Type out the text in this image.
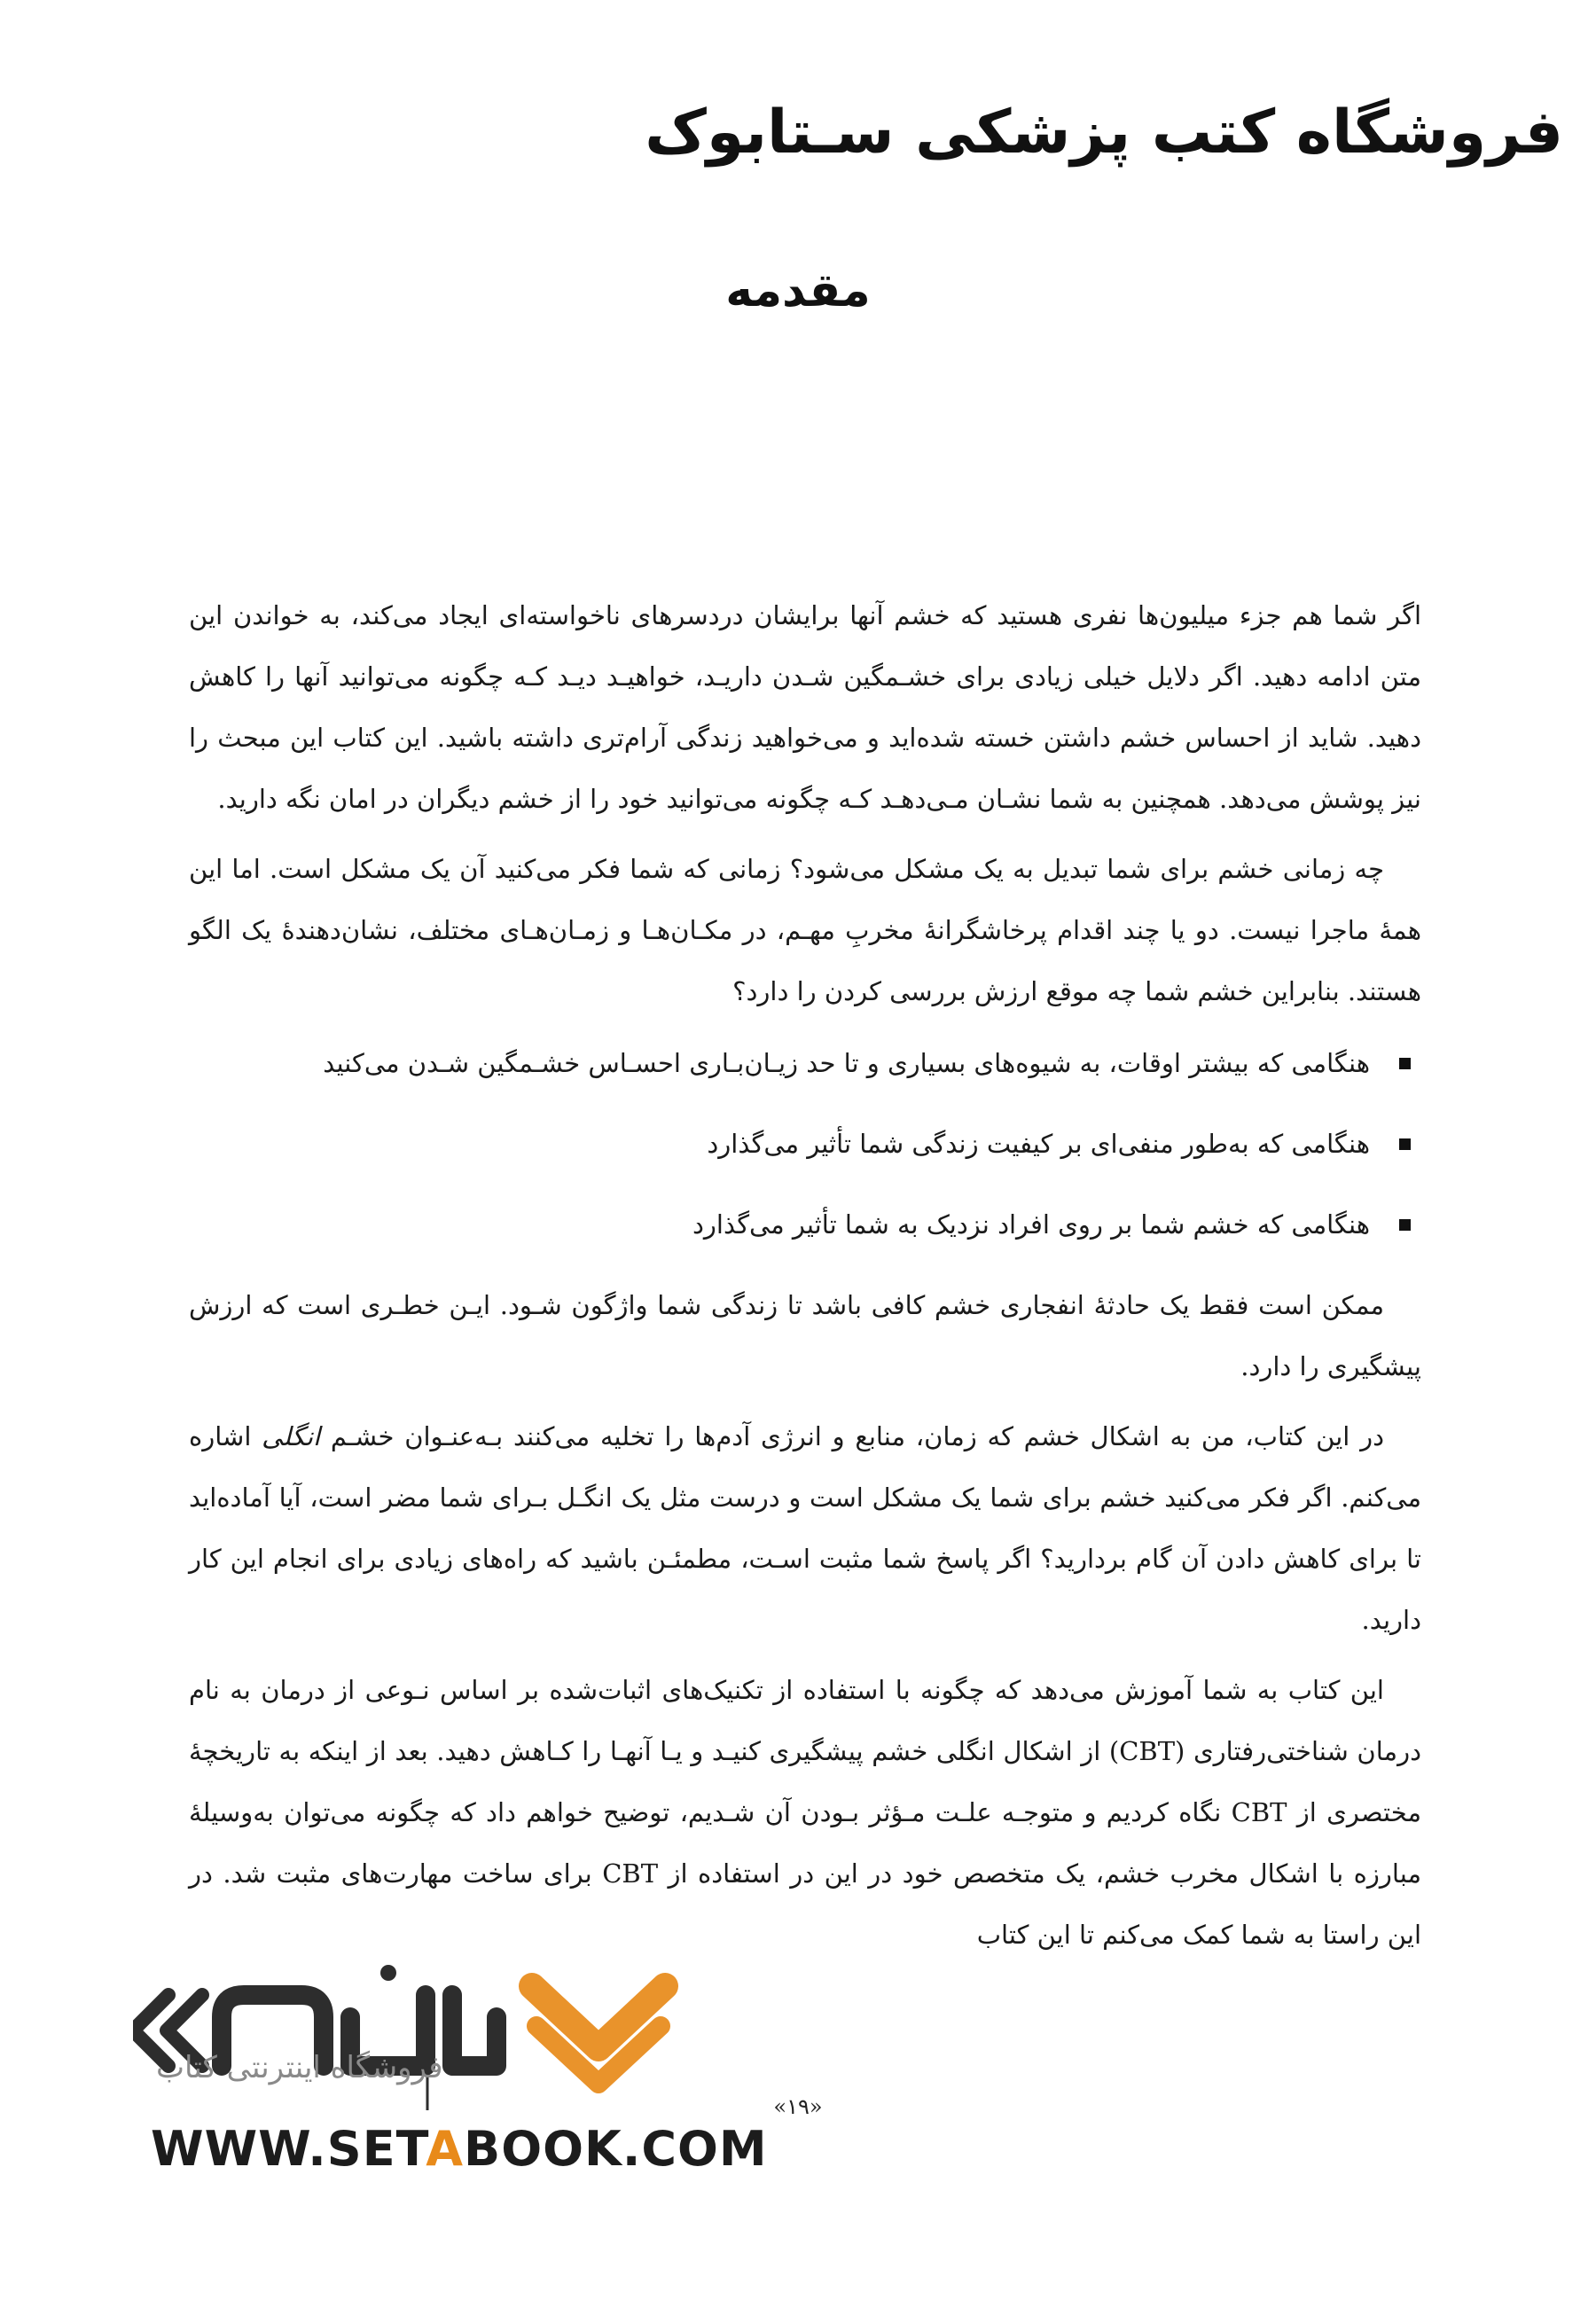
فروشگاه کتب پزشکی سـتابوک
مقدمه

اگر شما هم جزء میلیون‌ها نفری هستید که خشم آنها برایشان دردسرهای ناخواسته‌ای ایجاد می‌کند، به خواندن این متن ادامه دهید. اگر دلایل خیلی زیادی برای خشـمگین شـدن داریـد، خواهیـد دیـد کـه چگونه می‌توانید آنها را کاهش دهید. شاید از احساس خشم داشتن خسته شده‌اید و می‌خواهید زندگی آرام‌تری داشته باشید. این کتاب این مبحث را نیز پوشش می‌دهد. همچنین به شما نشـان مـی‌دهـد کـه چگونه می‌توانید خود را از خشم دیگران در امان نگه دارید.

چه زمانی خشم برای شما تبدیل به یک مشکل می‌شود؟ زمانی که شما فکر می‌کنید آن یک مشکل است. اما این همهٔ ماجرا نیست. دو یا چند اقدام پرخاشگرانهٔ مخربِ مهـم، در مکـان‌هـا و زمـان‌هـای مختلف، نشان‌دهندهٔ یک الگو هستند. بنابراین خشم شما چه موقع ارزش بررسی کردن را دارد؟

هنگامی که بیشتر اوقات، به شیوه‌های بسیاری و تا حد زیـان‌بـاری احسـاس خشـمگین شـدن می‌کنید
هنگامی که به‌طور منفی‌ای بر کیفیت زندگی شما تأثیر می‌گذارد
هنگامی که خشم شما بر روی افراد نزدیک به شما تأثیر می‌گذارد

ممکن است فقط یک حادثهٔ انفجاری خشم کافی باشد تا زندگی شما واژگون شـود. ایـن خطـری است که ارزش پیشگیری را دارد.

در این کتاب، من به اشکال خشم که زمان، منابع و انرژی آدم‌ها را تخلیه می‌کنند بـه‌عنـوان خشـم انگلی اشاره می‌کنم. اگر فکر می‌کنید خشم برای شما یک مشکل است و درست مثل یک انگـل بـرای شما مضر است، آیا آماده‌اید تا برای کاهش دادن آن گام بردارید؟ اگر پاسخ شما مثبت اسـت، مطمئـن باشید که راه‌های زیادی برای انجام این کار دارید.

این کتاب به شما آموزش می‌دهد که چگونه با استفاده از تکنیک‌های اثبات‌شده بر اساس نـوعی از درمان به نام درمان شناختی‌رفتاری (CBT) از اشکال انگلی خشم پیشگیری کنیـد و یـا آنهـا را کـاهش دهید. بعد از اینکه به تاریخچهٔ مختصری از CBT نگاه کردیم و متوجـه علـت مـؤثر بـودن آن شـدیم، توضیح خواهم داد که چگونه می‌توان به‌وسیلهٔ مبارزه با اشکال مخرب خشم، یک متخصص خود در این در استفاده از CBT برای ساخت مهارت‌های مثبت شد. در این راستا به شما کمک می‌کنم تا این کتاب

«۱۹»
فروشگاه اینترنتی کتاب
WWW.SETABOOK.COM
